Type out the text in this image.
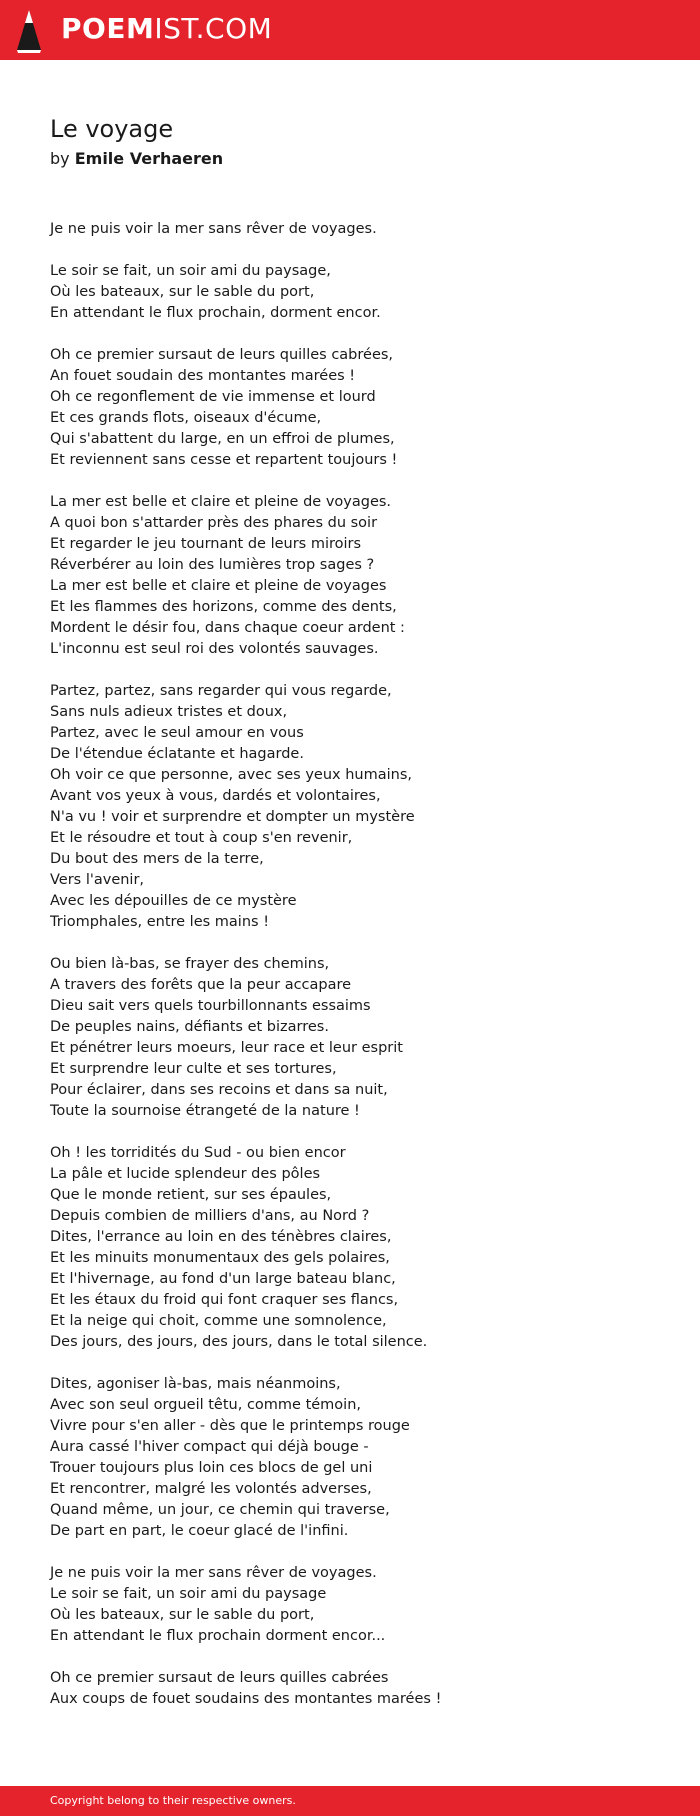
POEMIST.COM
Le voyage
by Emile Verhaeren
Je ne puis voir la mer sans rêver de voyages.
Le soir se fait, un soir ami du paysage,
Où les bateaux, sur le sable du port,
En attendant le flux prochain, dorment encor.
Oh ce premier sursaut de leurs quilles cabrées,
An fouet soudain des montantes marées !
Oh ce regonflement de vie immense et lourd
Et ces grands flots, oiseaux d'écume,
Qui s'abattent du large, en un effroi de plumes,
Et reviennent sans cesse et repartent toujours !
La mer est belle et claire et pleine de voyages.
A quoi bon s'attarder près des phares du soir
Et regarder le jeu tournant de leurs miroirs
Réverbérer au loin des lumières trop sages ?
La mer est belle et claire et pleine de voyages
Et les flammes des horizons, comme des dents,
Mordent le désir fou, dans chaque coeur ardent :
L'inconnu est seul roi des volontés sauvages.
Partez, partez, sans regarder qui vous regarde,
Sans nuls adieux tristes et doux,
Partez, avec le seul amour en vous
De l'étendue éclatante et hagarde.
Oh voir ce que personne, avec ses yeux humains,
Avant vos yeux à vous, dardés et volontaires,
N'a vu ! voir et surprendre et dompter un mystère
Et le résoudre et tout à coup s'en revenir,
Du bout des mers de la terre,
Vers l'avenir,
Avec les dépouilles de ce mystère
Triomphales, entre les mains !
Ou bien là-bas, se frayer des chemins,
A travers des forêts que la peur accapare
Dieu sait vers quels tourbillonnants essaims
De peuples nains, défiants et bizarres.
Et pénétrer leurs moeurs, leur race et leur esprit
Et surprendre leur culte et ses tortures,
Pour éclairer, dans ses recoins et dans sa nuit,
Toute la sournoise étrangeté de la nature !
Oh ! les torridités du Sud - ou bien encor
La pâle et lucide splendeur des pôles
Que le monde retient, sur ses épaules,
Depuis combien de milliers d'ans, au Nord ?
Dites, l'errance au loin en des ténèbres claires,
Et les minuits monumentaux des gels polaires,
Et l'hivernage, au fond d'un large bateau blanc,
Et les étaux du froid qui font craquer ses flancs,
Et la neige qui choit, comme une somnolence,
Des jours, des jours, des jours, dans le total silence.
Dites, agoniser là-bas, mais néanmoins,
Avec son seul orgueil têtu, comme témoin,
Vivre pour s'en aller - dès que le printemps rouge
Aura cassé l'hiver compact qui déjà bouge -
Trouer toujours plus loin ces blocs de gel uni
Et rencontrer, malgré les volontés adverses,
Quand même, un jour, ce chemin qui traverse,
De part en part, le coeur glacé de l'infini.
Je ne puis voir la mer sans rêver de voyages.
Le soir se fait, un soir ami du paysage
Où les bateaux, sur le sable du port,
En attendant le flux prochain dorment encor...
Oh ce premier sursaut de leurs quilles cabrées
Aux coups de fouet soudains des montantes marées !
Copyright belong to their respective owners.
